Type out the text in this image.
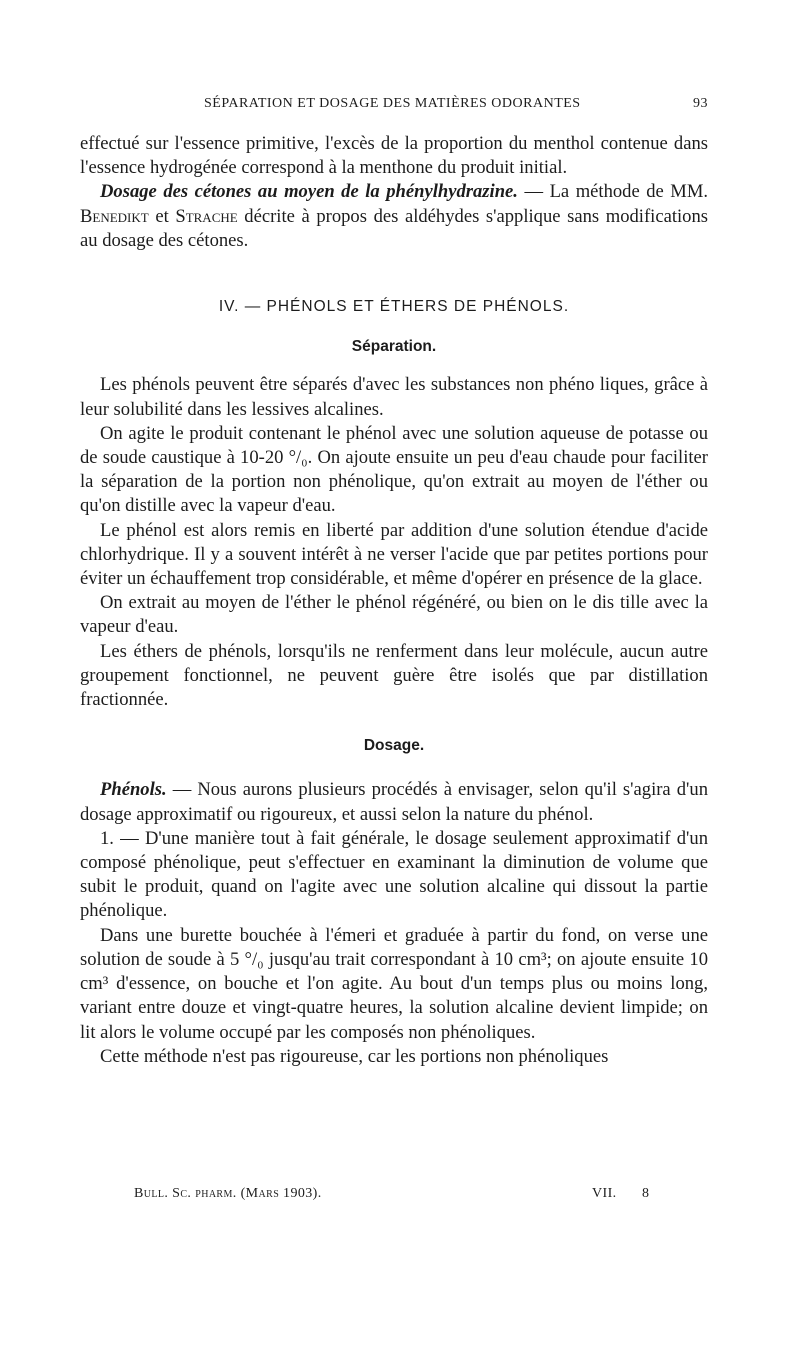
SÉPARATION ET DOSAGE DES MATIÈRES ODORANTES	93

effectué sur l'essence primitive, l'excès de la proportion du menthol contenue dans l'essence hydrogénée correspond à la menthone du produit initial.

Dosage des cétones au moyen de la phénylhydrazine. — La méthode de MM. Benedikt et Strache décrite à propos des aldéhydes s'applique sans modifications au dosage des cétones.

IV. — PHÉNOLS ET ÉTHERS DE PHÉNOLS.
Séparation.

Les phénols peuvent être séparés d'avec les substances non phéno liques, grâce à leur solubilité dans les lessives alcalines.

On agite le produit contenant le phénol avec une solution aqueuse de potasse ou de soude caustique à 10-20 °/₀. On ajoute ensuite un peu d'eau chaude pour faciliter la séparation de la portion non phénolique, qu'on extrait au moyen de l'éther ou qu'on distille avec la vapeur d'eau.

Le phénol est alors remis en liberté par addition d'une solution étendue d'acide chlorhydrique. Il y a souvent intérêt à ne verser l'acide que par petites portions pour éviter un échauffement trop considérable, et même d'opérer en présence de la glace.

On extrait au moyen de l'éther le phénol régénéré, ou bien on le dis tille avec la vapeur d'eau.

Les éthers de phénols, lorsqu'ils ne renferment dans leur molécule, aucun autre groupement fonctionnel, ne peuvent guère être isolés que par distillation fractionnée.

Dosage.

Phénols. — Nous aurons plusieurs procédés à envisager, selon qu'il s'agira d'un dosage approximatif ou rigoureux, et aussi selon la nature du phénol.

1. — D'une manière tout à fait générale, le dosage seulement approximatif d'un composé phénolique, peut s'effectuer en examinant la diminution de volume que subit le produit, quand on l'agite avec une solution alcaline qui dissout la partie phénolique.

Dans une burette bouchée à l'émeri et graduée à partir du fond, on verse une solution de soude à 5 °/₀ jusqu'au trait correspondant à 10 cm³; on ajoute ensuite 10 cm³ d'essence, on bouche et l'on agite. Au bout d'un temps plus ou moins long, variant entre douze et vingt-quatre heures, la solution alcaline devient limpide; on lit alors le volume occupé par les composés non phénoliques.

Cette méthode n'est pas rigoureuse, car les portions non phénoliques

Bull. Sc. pharm. (Mars 1903).	VII. 8
